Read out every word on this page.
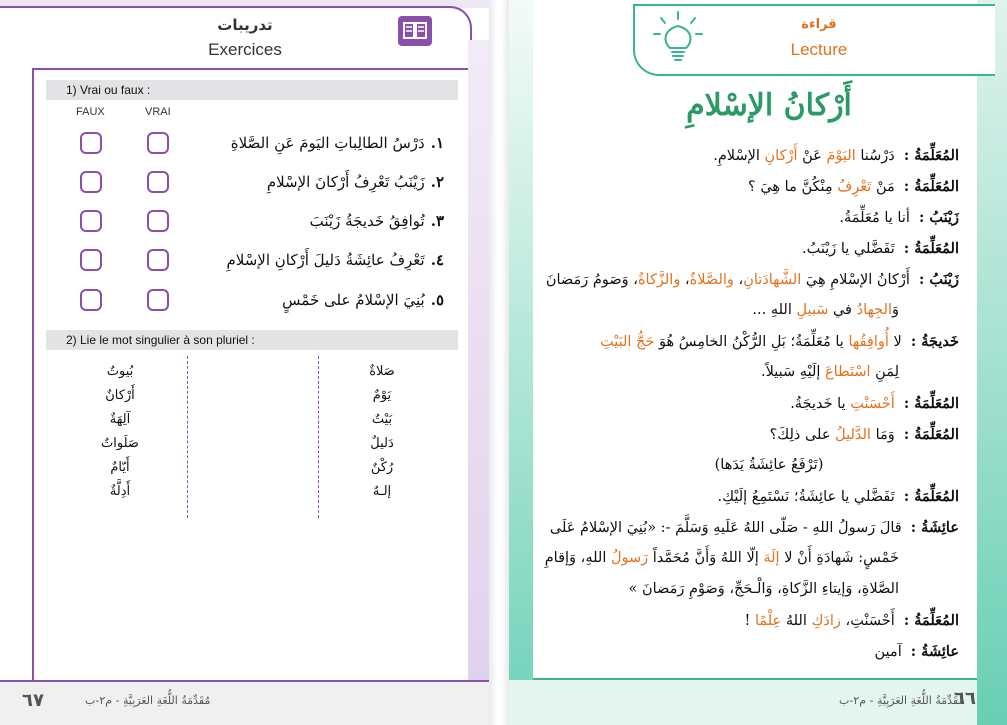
تدريبات
Exercices
1) Vrai ou faux :
FAUX	VRAI
١.دَرْسُ الطالِباتِ اليَومَ عَنِ الصَّلاةِ
٢.زَيْنَبُ تَعْرِفُ أَرْكانَ الإسْلامِ
٣.تُوافِقُ خَديجَةُ زَيْنَبَ
٤.تَعْرِفُ عائِشَةُ دَليلَ أَرْكانِ الإسْلامِ
٥.بُنِيَ الإسْلامُ على خَمْسٍ
2) Lie le mot singulier à son pluriel :
بُيوتٌ
أَرْكانٌ
آلِهَةٌ
صَلَواتٌ
أَيّامٌ
أَدِلَّةٌ
صَلاةٌ
يَوْمٌ
بَيْتٌ
دَليلٌ
رُكْنٌ
إلـهٌ
٦٧	مُقَدِّمَةُ اللُّغَةِ العَرَبِيَّةِ - م٢-ب
قراءة
Lecture
أَرْكانُ الإسْلامِ
المُعَلِّمَةُ : دَرْسُنا اليَوْمَ عَنْ أَرْكانِ الإسْلامِ.
المُعَلِّمَةُ : مَنْ تَعْرِفُ مِنْكُنَّ ما هِيَ ؟
زَيْنَبُ : أنا يا مُعَلِّمَةُ.
المُعَلِّمَةُ : تَفَضَّلي يا زَيْنَبُ.
زَيْنَبُ : أَرْكانُ الإسْلامِ هِيَ الشَّهادَتانِ، والصَّلاةُ، والزَّكاةُ، وَصَومُ رَمَضانَ
وَالجِهادُ في سَبيلِ اللهِ ...
خَديجَةُ : لا أُوافِقُها يا مُعَلِّمَةُ؛ بَلِ الرُّكْنُ الخامِسُ هُوَ حَجُّ البَيْتِ
لِمَنِ اسْتَطاعَ إلَيْهِ سَبيلاً.
المُعَلِّمَةُ : أَحْسَنْتِ يا خَديجَةُ.
المُعَلِّمَةُ : وَمَا الدَّليلُ على ذلِكَ؟
(تَرْفَعُ عائِشَةُ يَدَها)
المُعَلِّمَةُ : تَفَضَّلي يا عائِشَةُ؛ نَسْتَمِعُ إلَيْكِ.
عائِشَةُ : قالَ رَسولُ اللهِ - صَلّى اللهُ عَلَيهِ وَسَلَّمَ -: «بُنِيَ الإسْلامُ عَلَى
خَمْسٍ: شَهادَةِ أَنْ لا إلَهَ إلّا اللهُ وَأَنَّ مُحَمَّداً رَسولُ اللهِ، وَإقامِ
الصَّلاةِ، وَإيتاءِ الزَّكاةِ، وَالْـحَجِّ، وَصَوْمِ رَمَضانَ »
المُعَلِّمَةُ : أَحْسَنْتِ، زادَكِ اللهُ عِلْمًا !
عائِشَةُ : آمين
٦٦
مُقَدِّمَةُ اللُّغَةِ العَرَبِيَّةِ - م٢-ب
